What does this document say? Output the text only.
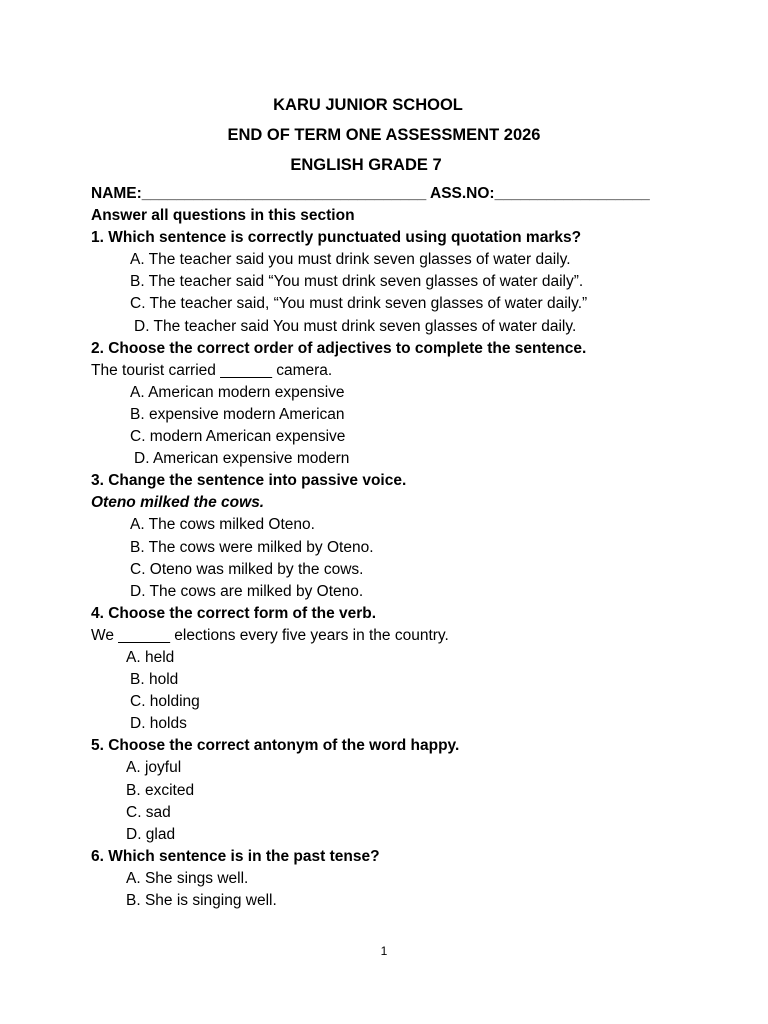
KARU JUNIOR SCHOOL
END OF TERM ONE ASSESSMENT 2026
ENGLISH GRADE 7
NAME:_________________________________ ASS.NO:__________________
Answer all questions in this section
1. Which sentence is correctly punctuated using quotation marks?
A. The teacher said you must drink seven glasses of water daily.
B. The teacher said “You must drink seven glasses of water daily”.
C. The teacher said, “You must drink seven glasses of water daily.”
D. The teacher said You must drink seven glasses of water daily.
2. Choose the correct order of adjectives to complete the sentence.
The tourist carried ______ camera.
A. American modern expensive
B. expensive modern American
C. modern American expensive
D. American expensive modern
3. Change the sentence into passive voice.
Oteno milked the cows.
A. The cows milked Oteno.
B. The cows were milked by Oteno.
C. Oteno was milked by the cows.
D. The cows are milked by Oteno.
4. Choose the correct form of the verb.
We ______ elections every five years in the country.
A. held
B. hold
C. holding
D. holds
5. Choose the correct antonym of the word happy.
A. joyful
B. excited
C. sad
D. glad
6. Which sentence is in the past tense?
A. She sings well.
B. She is singing well.
1
